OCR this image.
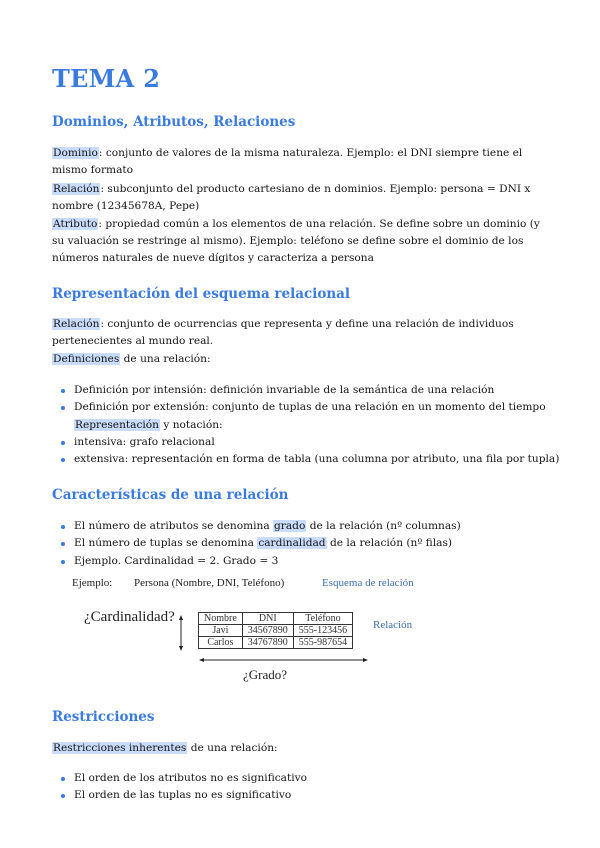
TEMA 2
Dominios, Atributos, Relaciones

Dominio: conjunto de valores de la misma naturaleza. Ejemplo: el DNI siempre tiene el mismo formato

Relación: subconjunto del producto cartesiano de n dominios. Ejemplo: persona = DNI x nombre (12345678A, Pepe)

Atributo: propiedad común a los elementos de una relación. Se define sobre un dominio (y su valuación se restringe al mismo). Ejemplo: teléfono se define sobre el dominio de los números naturales de nueve dígitos y caracteriza a persona

Representación del esquema relacional

Relación: conjunto de ocurrencias que representa y define una relación de individuos pertenecientes al mundo real.

Definiciones de una relación:

Definición por intensión: definición invariable de la semántica de una relación
Definición por extensión: conjunto de tuplas de una relación en un momento del tiempo
Representación y notación:
intensiva: grafo relacional
extensiva: representación en forma de tabla (una columna por atributo, una fila por tupla)
Características de una relación
El número de atributos se denomina grado de la relación (nº columnas)
El número de tuplas se denomina cardinalidad de la relación (nº filas)
Ejemplo. Cardinalidad = 2. Grado = 3
Ejemplo: Persona (Nombre, DNI, Teléfono)	Esquema de relación
¿Cardinalidad?
¿Grado?
Relación
Nombre	DNI	Teléfono
Javi	34567890	555-123456
Carlos	34767890	555-987654
Restricciones

Restricciones inherentes de una relación:

El orden de los atributos no es significativo
El orden de las tuplas no es significativo
